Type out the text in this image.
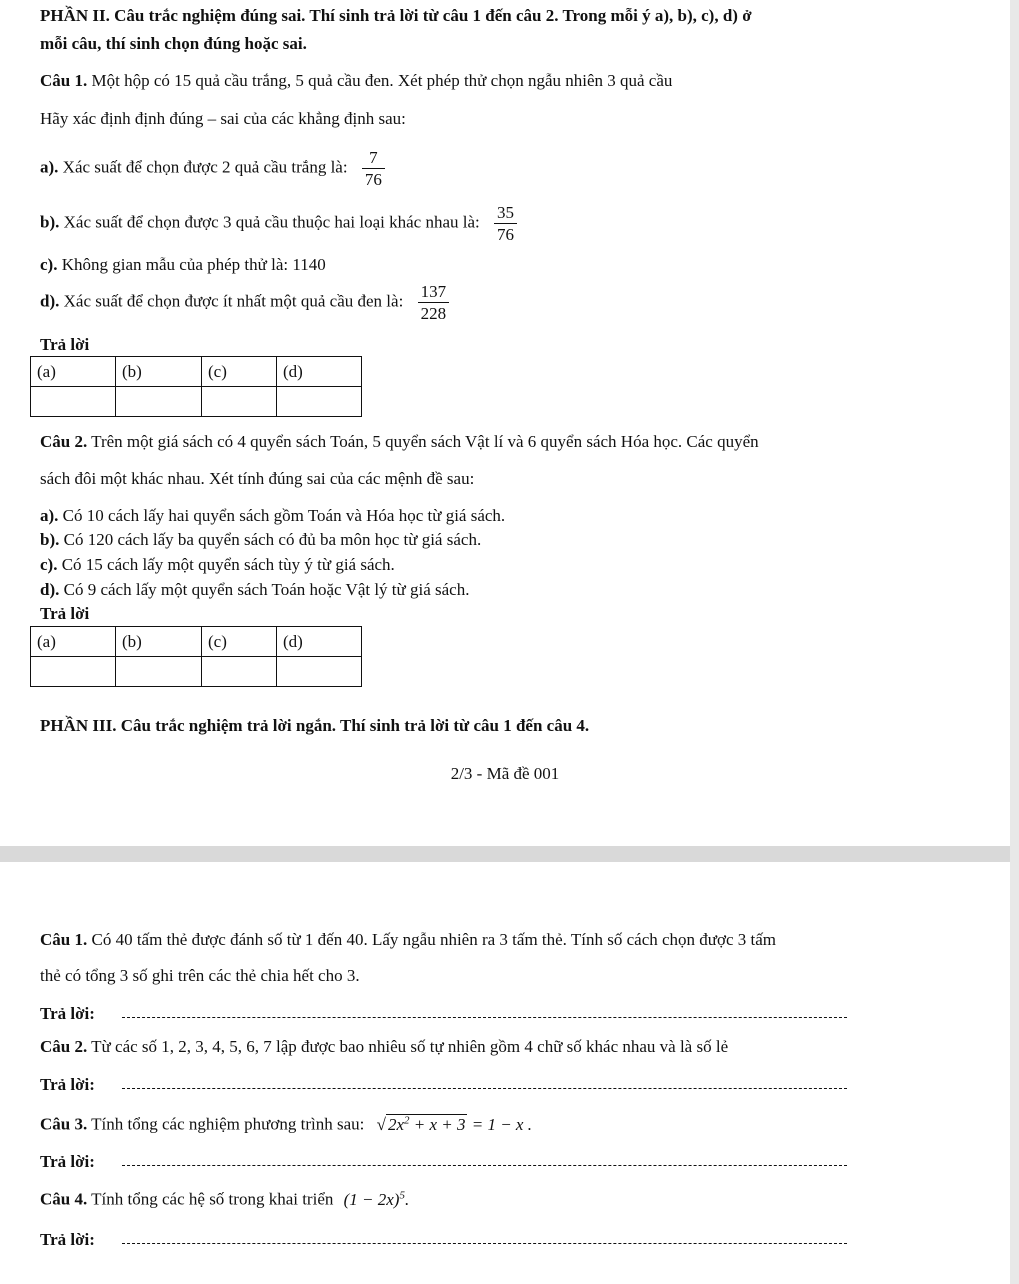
PHẦN II. Câu trắc nghiệm đúng sai. Thí sinh trả lời từ câu 1 đến câu 2. Trong mỗi ý a), b), c), d) ở
mỗi câu, thí sinh chọn đúng hoặc sai.
Câu 1. Một hộp có 15 quả cầu trắng, 5 quả cầu đen. Xét phép thử chọn ngẫu nhiên 3 quả cầu
Hãy xác định định đúng – sai của các khẳng định sau:
a). Xác suất để chọn được 2 quả cầu trắng là: $\frac{7}{76}$
b). Xác suất để chọn được 3 quả cầu thuộc hai loại khác nhau là: $\frac{35}{76}$
c). Không gian mẫu của phép thử là: 1140
d). Xác suất để chọn được ít nhất một quả cầu đen là: $\frac{137}{228}$
Trả lời
(a)	(b)	(c)	(d)

Câu 2. Trên một giá sách có 4 quyển sách Toán, 5 quyển sách Vật lí và 6 quyển sách Hóa học. Các quyển
sách đôi một khác nhau. Xét tính đúng sai của các mệnh đề sau:
a). Có 10 cách lấy hai quyển sách gồm Toán và Hóa học từ giá sách.
b). Có 120 cách lấy ba quyển sách có đủ ba môn học từ giá sách.
c). Có 15 cách lấy một quyển sách tùy ý từ giá sách.
d). Có 9 cách lấy một quyển sách Toán hoặc Vật lý từ giá sách.
Trả lời
(a)	(b)	(c)	(d)

PHẦN III. Câu trắc nghiệm trả lời ngắn. Thí sinh trả lời từ câu 1 đến câu 4.
2/3 - Mã đề 001
Câu 1. Có 40 tấm thẻ được đánh số từ 1 đến 40. Lấy ngẫu nhiên ra 3 tấm thẻ. Tính số cách chọn được 3 tấm
thẻ có tổng 3 số ghi trên các thẻ chia hết cho 3.
Trả lời:
Câu 2. Từ các số 1, 2, 3, 4, 5, 6, 7 lập được bao nhiêu số tự nhiên gồm 4 chữ số khác nhau và là số lẻ
Trả lời:
Câu 3. Tính tổng các nghiệm phương trình sau: √ $2x^2 + x + 3 = 1 - x$ .
Trả lời:
Câu 4. Tính tổng các hệ số trong khai triển $(1 - 2x)^5$.
Trả lời:
